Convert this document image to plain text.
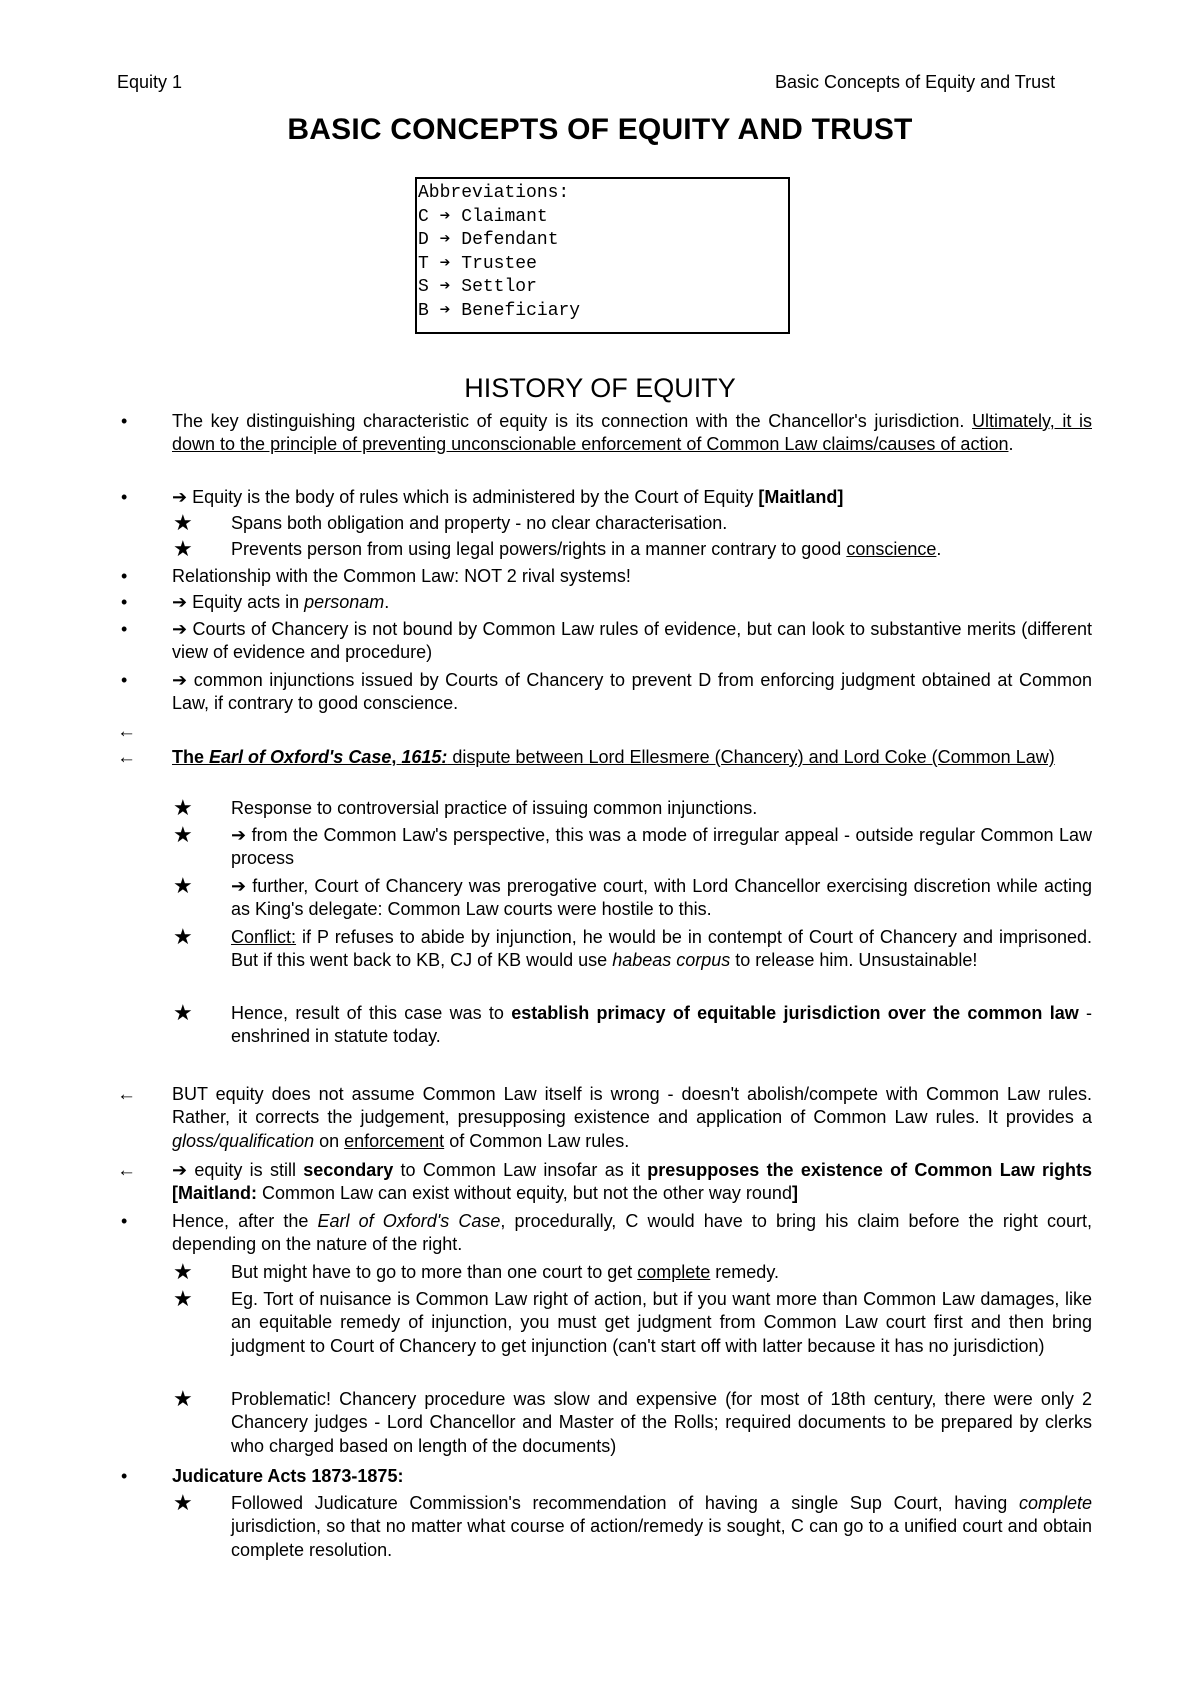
Equity 1	Basic Concepts of Equity and Trust
BASIC CONCEPTS OF EQUITY AND TRUST
Abbreviations:
C ➔ Claimant
D ➔ Defendant
T ➔ Trustee
S ➔ Settlor
B ➔ Beneficiary
HISTORY OF EQUITY
• The key distinguishing characteristic of equity is its connection with the Chancellor's jurisdiction. Ultimately, it is down to the principle of preventing unconscionable enforcement of Common Law claims/causes of action.
• ➔ Equity is the body of rules which is administered by the Court of Equity [Maitland]
★ Spans both obligation and property - no clear characterisation.
★ Prevents person from using legal powers/rights in a manner contrary to good conscience.
• Relationship with the Common Law: NOT 2 rival systems!
• ➔ Equity acts in personam.
• ➔ Courts of Chancery is not bound by Common Law rules of evidence, but can look to substantive merits (different view of evidence and procedure)
• ➔ common injunctions issued by Courts of Chancery to prevent D from enforcing judgment obtained at Common Law, if contrary to good conscience.
←
← The Earl of Oxford's Case, 1615: dispute between Lord Ellesmere (Chancery) and Lord Coke (Common Law)
★ Response to controversial practice of issuing common injunctions.
★ ➔ from the Common Law's perspective, this was a mode of irregular appeal - outside regular Common Law process
★ ➔ further, Court of Chancery was prerogative court, with Lord Chancellor exercising discretion while acting as King's delegate: Common Law courts were hostile to this.
★ Conflict: if P refuses to abide by injunction, he would be in contempt of Court of Chancery and imprisoned. But if this went back to KB, CJ of KB would use habeas corpus to release him. Unsustainable!
★ Hence, result of this case was to establish primacy of equitable jurisdiction over the common law - enshrined in statute today.
← BUT equity does not assume Common Law itself is wrong - doesn't abolish/compete with Common Law rules. Rather, it corrects the judgement, presupposing existence and application of Common Law rules. It provides a gloss/qualification on enforcement of Common Law rules.
← ➔ equity is still secondary to Common Law insofar as it presupposes the existence of Common Law rights [Maitland: Common Law can exist without equity, but not the other way round]
• Hence, after the Earl of Oxford's Case, procedurally, C would have to bring his claim before the right court, depending on the nature of the right.
★ But might have to go to more than one court to get complete remedy.
★ Eg. Tort of nuisance is Common Law right of action, but if you want more than Common Law damages, like an equitable remedy of injunction, you must get judgment from Common Law court first and then bring judgment to Court of Chancery to get injunction (can't start off with latter because it has no jurisdiction)
★ Problematic! Chancery procedure was slow and expensive (for most of 18th century, there were only 2 Chancery judges - Lord Chancellor and Master of the Rolls; required documents to be prepared by clerks who charged based on length of the documents)
• Judicature Acts 1873-1875:
★ Followed Judicature Commission's recommendation of having a single Sup Court, having complete jurisdiction, so that no matter what course of action/remedy is sought, C can go to a unified court and obtain complete resolution.
